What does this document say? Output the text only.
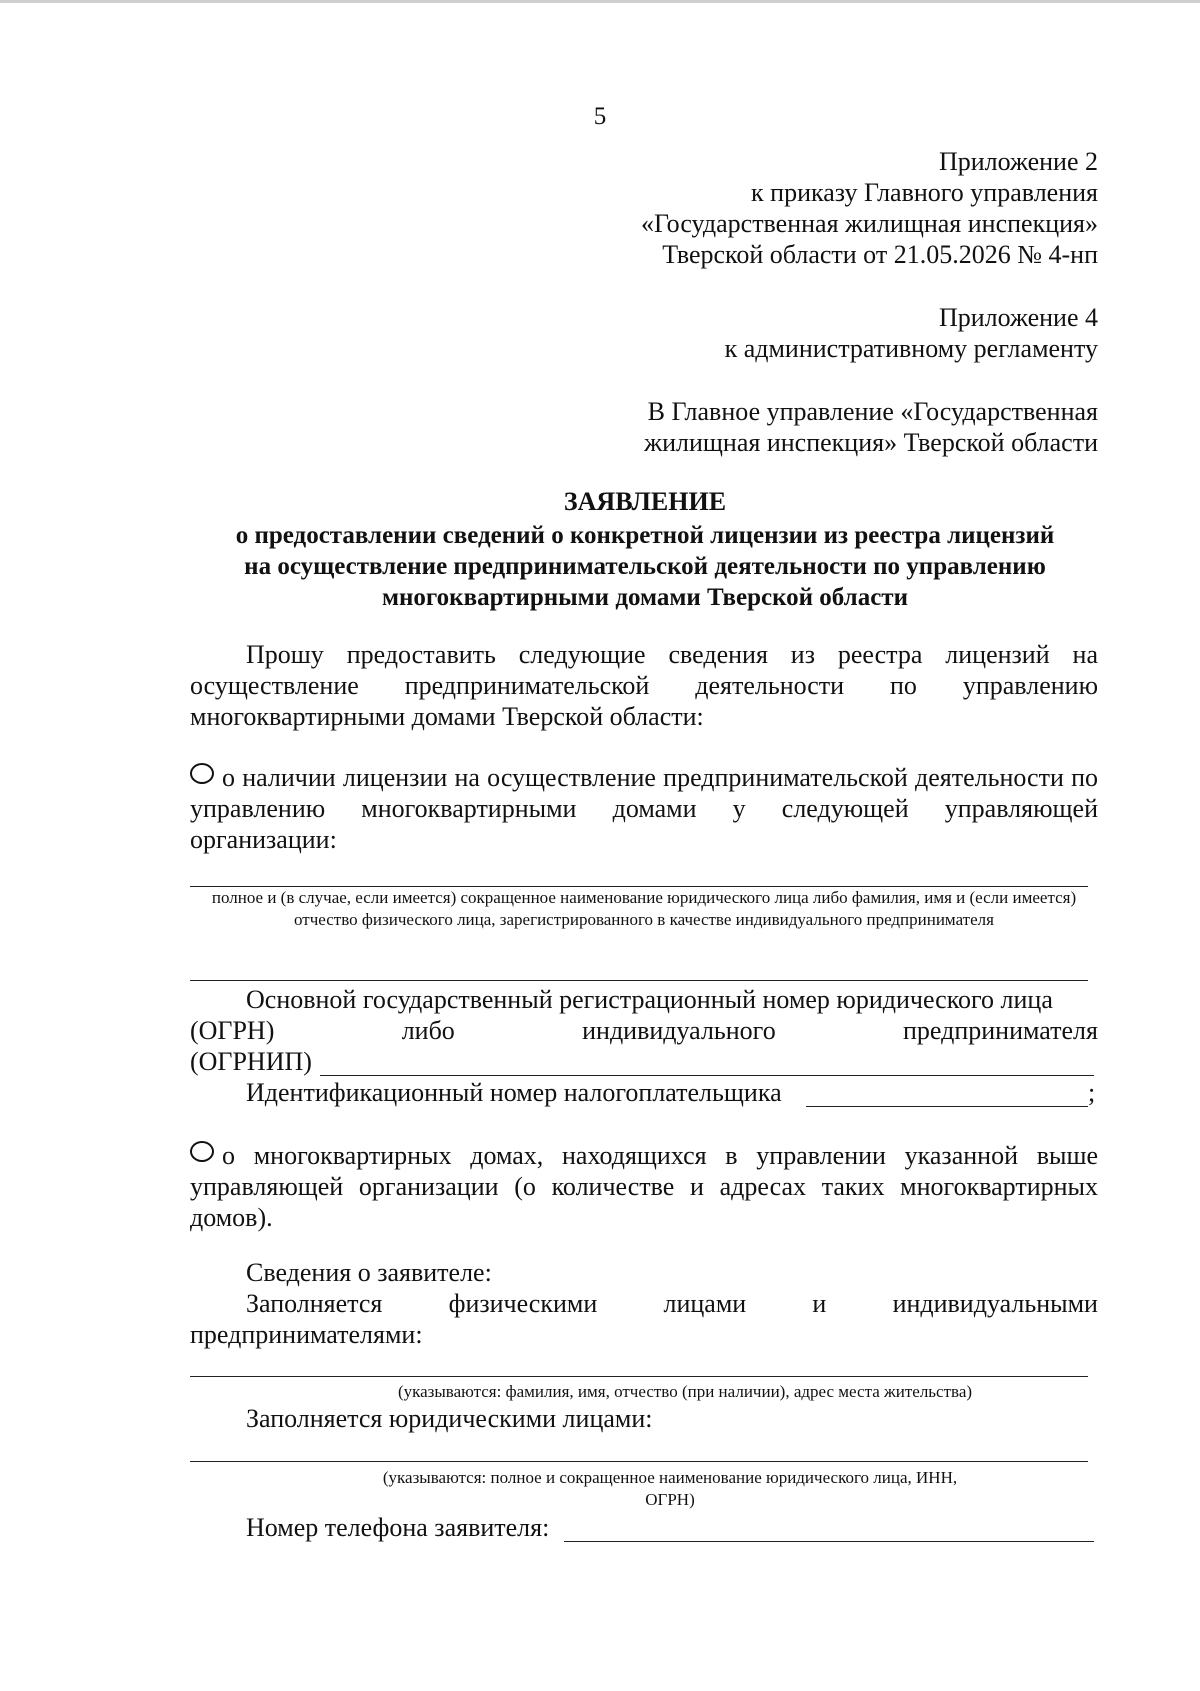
5
Приложение 2
к приказу Главного управления
«Государственная жилищная инспекция»
Тверской области от 21.05.2026 № 4-нп
Приложение 4
к административному регламенту
В Главное управление «Государственная
жилищная инспекция» Тверской области
ЗАЯВЛЕНИЕ
о предоставлении сведений о конкретной лицензии из реестра лицензий
на осуществление предпринимательской деятельности по управлению
многоквартирными домами Тверской области
Прошу предоставить следующие сведения из реестра лицензий на осуществление предпринимательской деятельности по управлению многоквартирными домами Тверской области:
о наличии лицензии на осуществление предпринимательской деятельности по управлению многоквартирными домами у следующей управляющей организации:
полное и (в случае, если имеется) сокращенное наименование юридического лица либо фамилия, имя и (если имеется) отчество физического лица, зарегистрированного в качестве индивидуального предпринимателя
Основной государственный регистрационный номер юридического лица
(ОГРН)	либо	индивидуального	предпринимателя
(ОГРНИП)
Идентификационный номер налогоплательщика	;
о многоквартирных домах, находящихся в управлении указанной выше управляющей организации (о количестве и адресах таких многоквартирных домов).
Сведения о заявителе:
Заполняется	физическими	лицами	и	индивидуальными
предпринимателями:
(указываются: фамилия, имя, отчество (при наличии), адрес места жительства)
Заполняется юридическими лицами:
(указываются: полное и сокращенное наименование юридического лица, ИНН, ОГРН)
Номер телефона заявителя:
